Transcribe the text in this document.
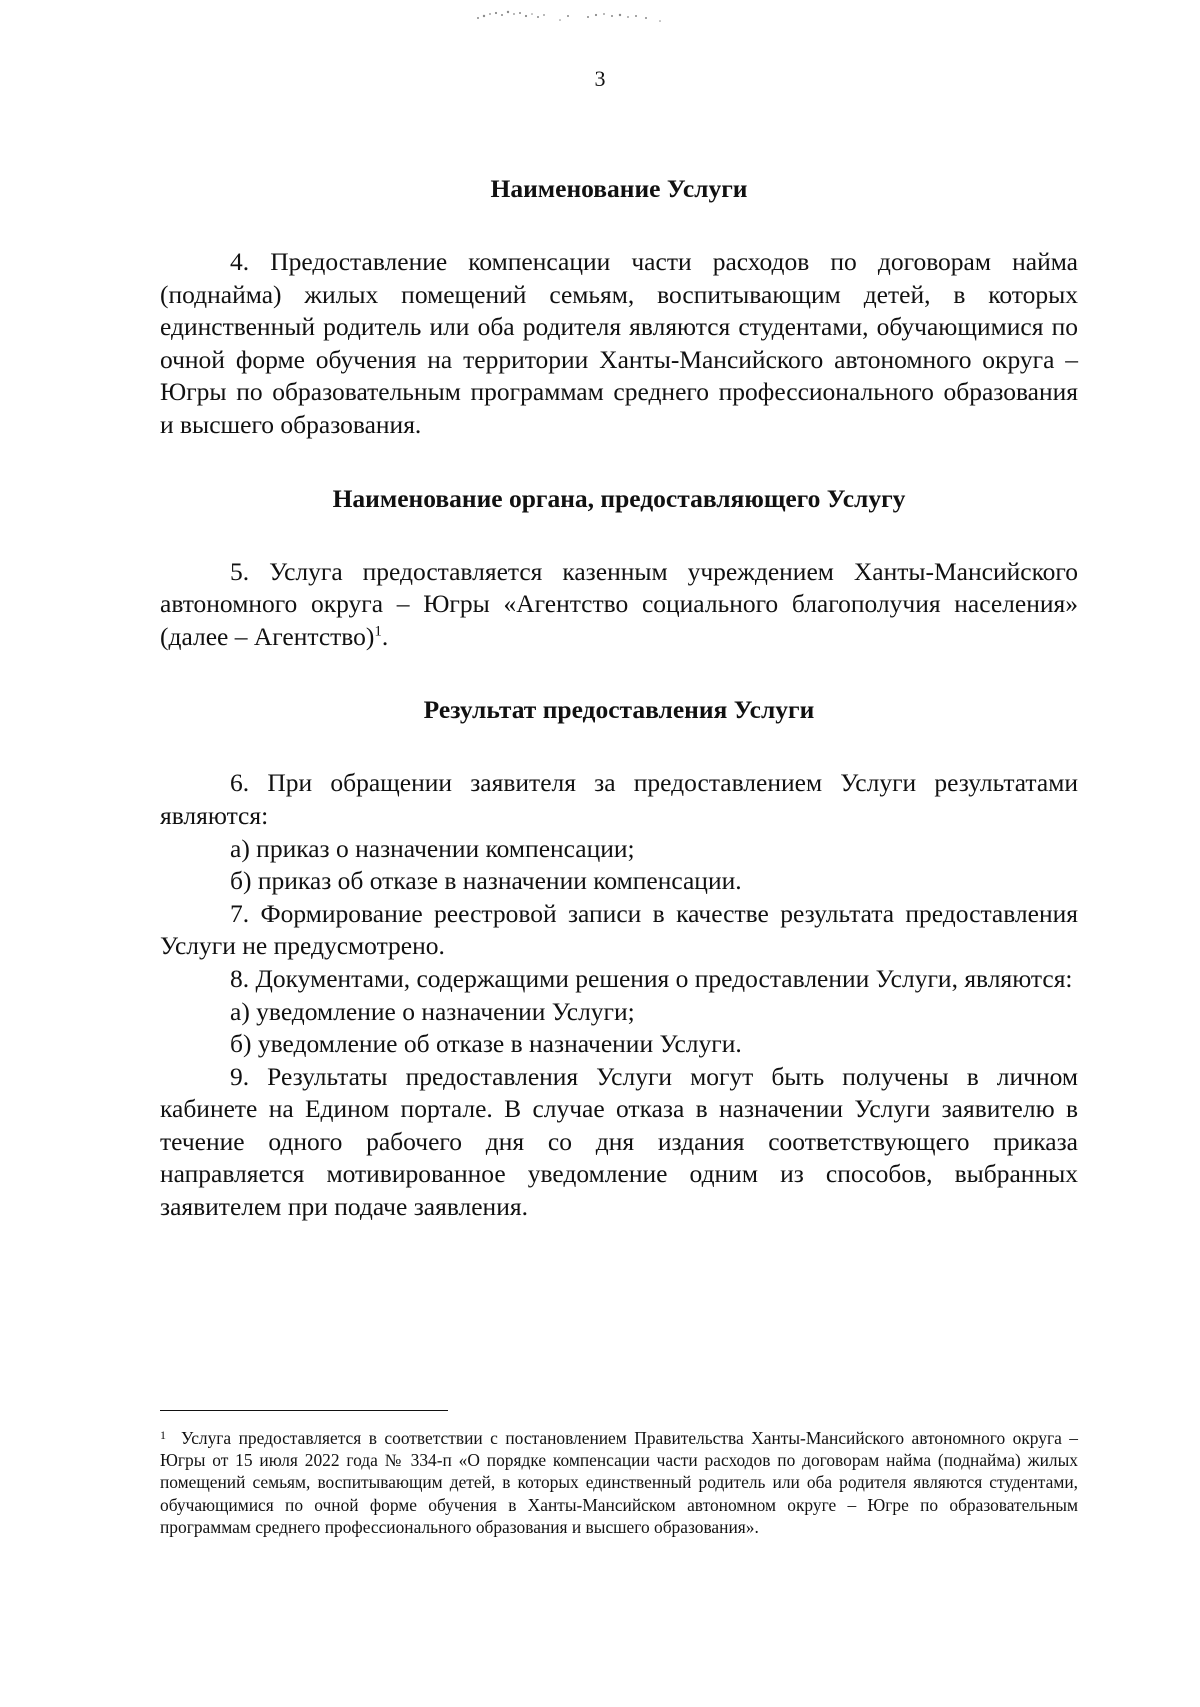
3
Наименование Услуги

4. Предоставление компенсации части расходов по договорам найма (поднайма) жилых помещений семьям, воспитывающим детей, в которых единственный родитель или оба родителя являются студентами, обучающимися по очной форме обучения на территории Ханты-Мансийского автономного округа – Югры по образовательным программам среднего профессионального образования и высшего образования.

Наименование органа, предоставляющего Услугу

5. Услуга предоставляется казенным учреждением Ханты-Мансийского автономного округа – Югры «Агентство социального благополучия населения» (далее – Агентство)$^1$.

Результат предоставления Услуги

6. При обращении заявителя за предоставлением Услуги результатами являются:

а) приказ о назначении компенсации;

б) приказ об отказе в назначении компенсации.

7. Формирование реестровой записи в качестве результата предоставления Услуги не предусмотрено.

8. Документами, содержащими решения о предоставлении Услуги, являются:

а) уведомление о назначении Услуги;

б) уведомление об отказе в назначении Услуги.

9. Результаты предоставления Услуги могут быть получены в личном кабинете на Едином портале. В случае отказа в назначении Услуги заявителю в течение одного рабочего дня со дня издания соответствующего приказа направляется мотивированное уведомление одним из способов, выбранных заявителем при подаче заявления.

$^1$ Услуга предоставляется в соответствии с постановлением Правительства Ханты-Мансийского автономного округа – Югры от 15 июля 2022 года № 334-п «О порядке компенсации части расходов по договорам найма (поднайма) жилых помещений семьям, воспитывающим детей, в которых единственный родитель или оба родителя являются студентами, обучающимися по очной форме обучения в Ханты-Мансийском автономном округе – Югре по образовательным программам среднего профессионального образования и высшего образования».
